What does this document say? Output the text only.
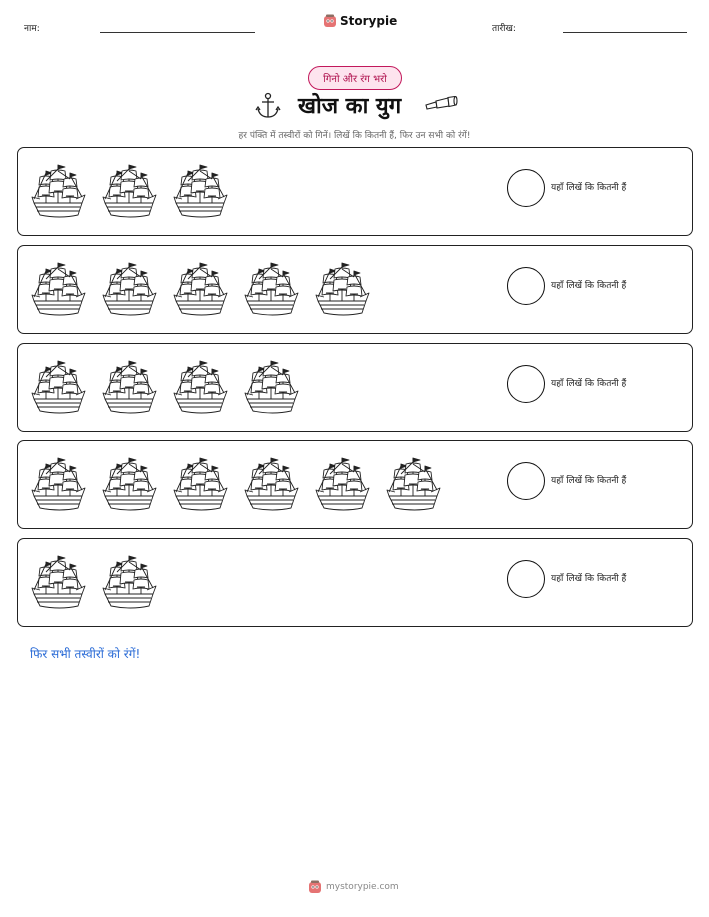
नाम:
Storypie
तारीख:
गिनो और रंग भरो
खोज का युग
हर पंक्ति में तस्वीरों को गिनें। लिखें कि कितनी हैं, फिर उन सभी को रंगें!
यहाँ लिखें कि कितनी हैं
यहाँ लिखें कि कितनी हैं
यहाँ लिखें कि कितनी हैं
यहाँ लिखें कि कितनी हैं
यहाँ लिखें कि कितनी हैं
फिर सभी तस्वीरों को रंगें!
mystorypie.com
